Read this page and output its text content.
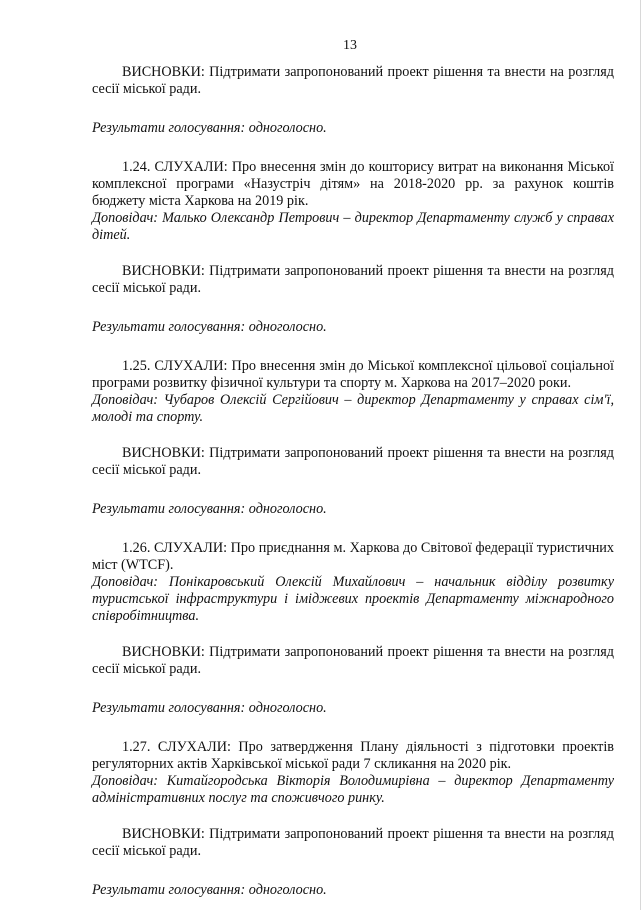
13

ВИСНОВКИ: Підтримати запропонований проект рішення та внести на розгляд сесії міської ради.

Результати голосування: одноголосно.

1.24. СЛУХАЛИ: Про внесення змін до кошторису витрат на виконання Міської комплексної програми «Назустріч дітям» на 2018-2020 рр. за рахунок коштів бюджету міста Харкова на 2019 рік.

Доповідач: Малько Олександр Петрович – директор Департаменту служб у справах дітей.

ВИСНОВКИ: Підтримати запропонований проект рішення та внести на розгляд сесії міської ради.

Результати голосування: одноголосно.

1.25. СЛУХАЛИ: Про внесення змін до Міської комплексної цільової соціальної програми розвитку фізичної культури та спорту м. Харкова на 2017–2020 роки.

Доповідач: Чубаров Олексій Сергійович – директор Департаменту у справах сім'ї, молоді та спорту.

ВИСНОВКИ: Підтримати запропонований проект рішення та внести на розгляд сесії міської ради.

Результати голосування: одноголосно.

1.26. СЛУХАЛИ: Про приєднання м. Харкова до Світової федерації туристичних міст (WTCF).

Доповідач: Понікаровський Олексій Михайлович – начальник відділу розвитку туристської інфраструктури і іміджевих проектів Департаменту міжнародного співробітництва.

ВИСНОВКИ: Підтримати запропонований проект рішення та внести на розгляд сесії міської ради.

Результати голосування: одноголосно.

1.27. СЛУХАЛИ: Про затвердження Плану діяльності з підготовки проектів регуляторних актів Харківської міської ради 7 скликання на 2020 рік.

Доповідач: Китайгородська Вікторія Володимирівна – директор Департаменту адміністративних послуг та споживчого ринку.

ВИСНОВКИ: Підтримати запропонований проект рішення та внести на розгляд сесії міської ради.

Результати голосування: одноголосно.
